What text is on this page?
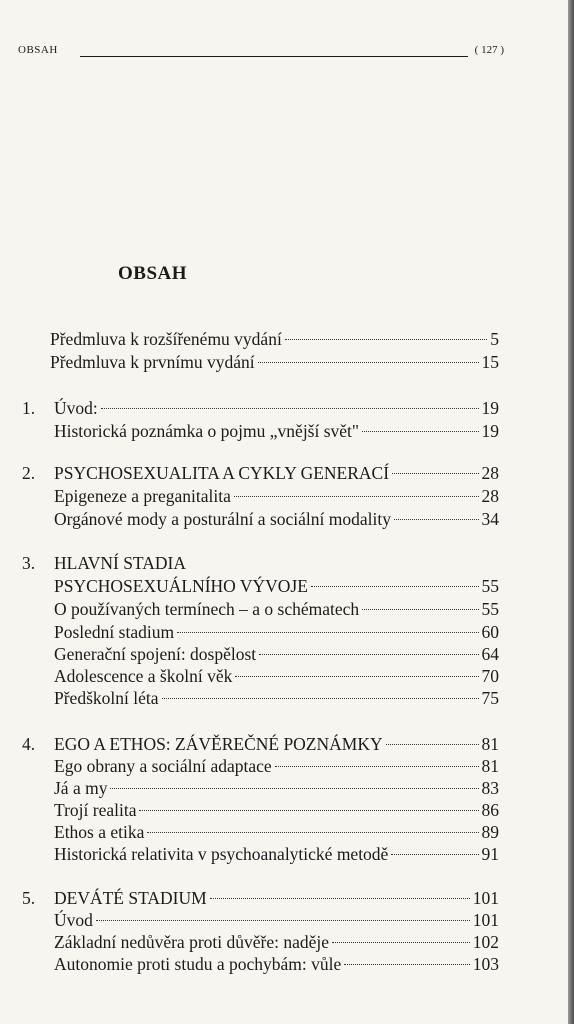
OBSAH	( 127 )
OBSAH
Předmluva k rozšířenému vydání	5
Předmluva k prvnímu vydání	15
1. Úvod:	19
Historická poznámka o pojmu „vnější svět"	19
2. PSYCHOSEXUALITA A CYKLY GENERACÍ	28
Epigeneze a preganitalita	28
Orgánové mody a posturální a sociální modality	34
3. HLAVNÍ STADIA
PSYCHOSEXUÁLNÍHO VÝVOJE	55
O používaných termínech – a o schématech	55
Poslední stadium	60
Generační spojení: dospělost	64
Adolescence a školní věk	70
Předškolní léta	75
4. EGO A ETHOS: ZÁVĚREČNÉ POZNÁMKY	81
Ego obrany a sociální adaptace	81
Já a my	83
Trojí realita	86
Ethos a etika	89
Historická relativita v psychoanalytické metodě	91
5. DEVÁTÉ STADIUM	101
Úvod	101
Základní nedůvěra proti důvěře: naděje	102
Autonomie proti studu a pochybám: vůle	103
